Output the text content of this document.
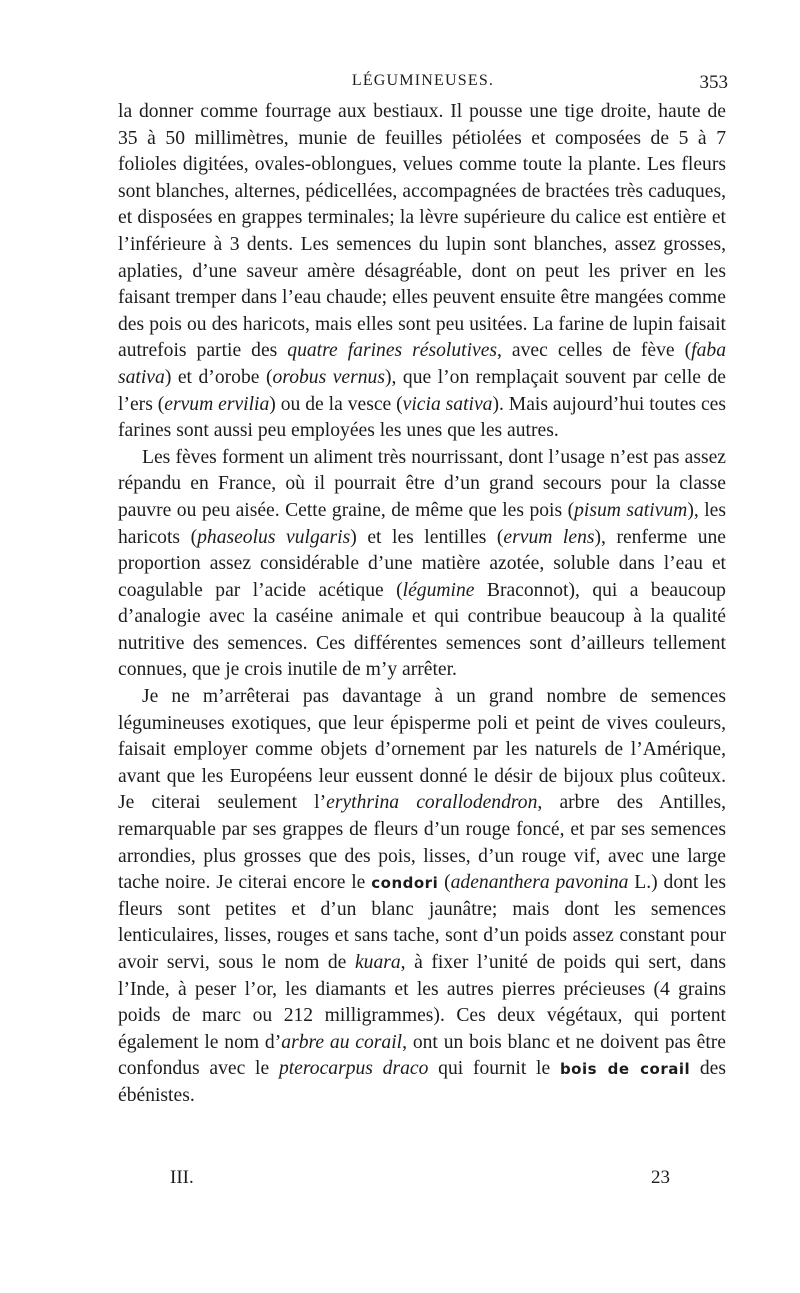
LÉGUMINEUSES.	353

la donner comme fourrage aux bestiaux. Il pousse une tige droite, haute de 35 à 50 millimètres, munie de feuilles pétiolées et composées de 5 à 7 folioles digitées, ovales-oblongues, velues comme toute la plante. Les fleurs sont blanches, alternes, pédicellées, accompagnées de bractées très caduques, et disposées en grappes terminales; la lèvre supérieure du calice est entière et l’inférieure à 3 dents. Les semences du lupin sont blanches, assez grosses, aplaties, d’une saveur amère désagréable, dont on peut les priver en les faisant tremper dans l’eau chaude; elles peuvent ensuite être mangées comme des pois ou des haricots, mais elles sont peu usitées. La farine de lupin faisait autrefois partie des quatre farines résolutives, avec celles de fève (faba sativa) et d’orobe (orobus vernus), que l’on remplaçait souvent par celle de l’ers (ervum ervilia) ou de la vesce (vicia sativa). Mais aujourd’hui toutes ces farines sont aussi peu employées les unes que les autres.

Les fèves forment un aliment très nourrissant, dont l’usage n’est pas assez répandu en France, où il pourrait être d’un grand secours pour la classe pauvre ou peu aisée. Cette graine, de même que les pois (pisum sativum), les haricots (phaseolus vulgaris) et les lentilles (ervum lens), renferme une proportion assez considérable d’une matière azotée, soluble dans l’eau et coagulable par l’acide acétique (légumine Braconnot), qui a beaucoup d’analogie avec la caséine animale et qui contribue beaucoup à la qualité nutritive des semences. Ces différentes semences sont d’ailleurs tellement connues, que je crois inutile de m’y arrêter.

Je ne m’arrêterai pas davantage à un grand nombre de semences légumineuses exotiques, que leur épisperme poli et peint de vives couleurs, faisait employer comme objets d’ornement par les naturels de l’Amérique, avant que les Européens leur eussent donné le désir de bijoux plus coûteux. Je citerai seulement l’erythrina corallodendron, arbre des Antilles, remarquable par ses grappes de fleurs d’un rouge foncé, et par ses semences arrondies, plus grosses que des pois, lisses, d’un rouge vif, avec une large tache noire. Je citerai encore le condori (adenanthera pavonina L.) dont les fleurs sont petites et d’un blanc jaunâtre; mais dont les semences lenticulaires, lisses, rouges et sans tache, sont d’un poids assez constant pour avoir servi, sous le nom de kuara, à fixer l’unité de poids qui sert, dans l’Inde, à peser l’or, les diamants et les autres pierres précieuses (4 grains poids de marc ou 212 milligrammes). Ces deux végétaux, qui portent également le nom d’arbre au corail, ont un bois blanc et ne doivent pas être confondus avec le pterocarpus draco qui fournit le bois de corail des ébénistes.

III.	23
